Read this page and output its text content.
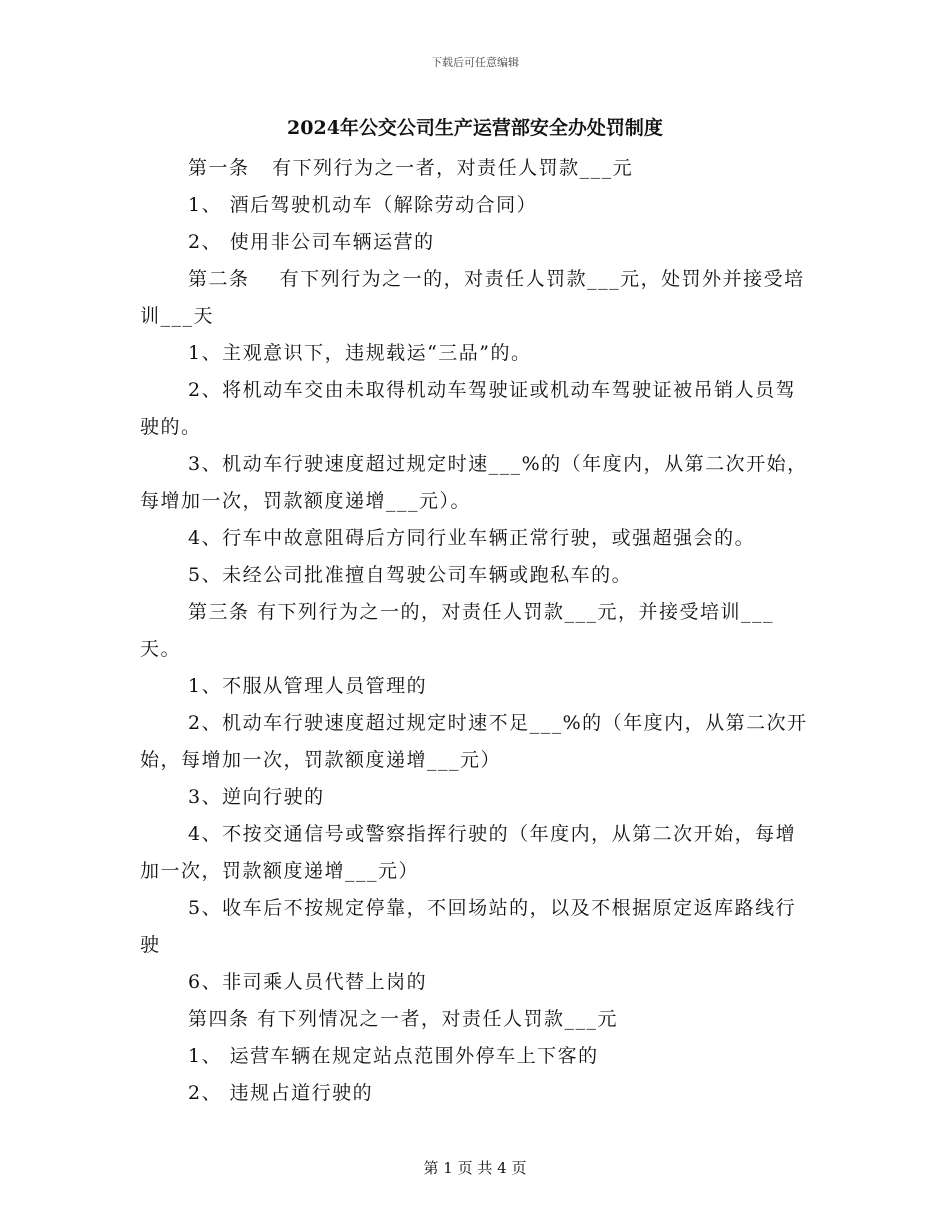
下载后可任意编辑
2024年公交公司生产运营部安全办处罚制度

第一条   有下列行为之一者，对责任人罚款___元

1、 酒后驾驶机动车（解除劳动合同）

2、 使用非公司车辆运营的

第二条    有下列行为之一的，对责任人罚款___元，处罚外并接受培训___天

1、主观意识下，违规载运“三品”的。

2、将机动车交由未取得机动车驾驶证或机动车驾驶证被吊销人员驾驶的。

3、机动车行驶速度超过规定时速___%的（年度内，从第二次开始，每增加一次，罚款额度递增___元）。

4、行车中故意阻碍后方同行业车辆正常行驶，或强超强会的。

5、未经公司批准擅自驾驶公司车辆或跑私车的。

第三条 有下列行为之一的，对责任人罚款___元，并接受培训___天。

1、不服从管理人员管理的

2、机动车行驶速度超过规定时速不足___%的（年度内，从第二次开始，每增加一次，罚款额度递增___元）

3、逆向行驶的

4、不按交通信号或警察指挥行驶的（年度内，从第二次开始，每增加一次，罚款额度递增___元）

5、收车后不按规定停靠，不回场站的，以及不根据原定返库路线行驶

6、非司乘人员代替上岗的

第四条 有下列情况之一者，对责任人罚款___元

1、 运营车辆在规定站点范围外停车上下客的

2、 违规占道行驶的

第 1 页 共 4 页
